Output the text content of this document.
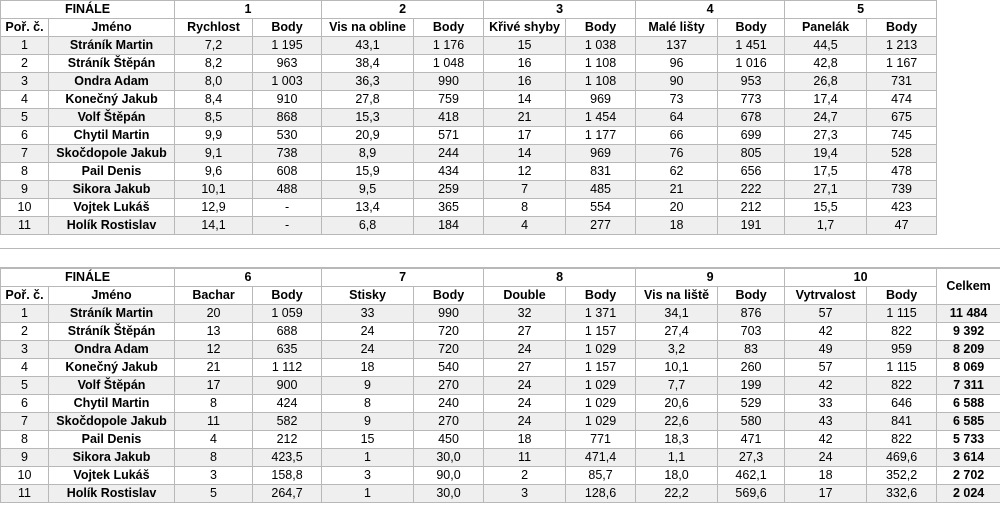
FINÁLE		1		2		3		4		5		
Poř. č.	Jméno	Rychlost	Body	Vis na obline	Body	Křivé shyby	Body	Malé lišty	Body	Panelák	Body	
1	Stráník Martin	7,2	1 195	43,1	1 176	15	1 038	137	1 451	44,5	1 213	
2	Stráník Štěpán	8,2	963	38,4	1 048	16	1 108	96	1 016	42,8	1 167	
3	Ondra Adam	8,0	1 003	36,3	990	16	1 108	90	953	26,8	731	
4	Konečný Jakub	8,4	910	27,8	759	14	969	73	773	17,4	474	
5	Volf Štěpán	8,5	868	15,3	418	21	1 454	64	678	24,7	675	
6	Chytil Martin	9,9	530	20,9	571	17	1 177	66	699	27,3	745	
7	Skočdopole Jakub	9,1	738	8,9	244	14	969	76	805	19,4	528	
8	Pail Denis	9,6	608	15,9	434	12	831	62	656	17,5	478	
9	Sikora Jakub	10,1	488	9,5	259	7	485	21	222	27,1	739	
10	Vojtek Lukáš	12,9	-	13,4	365	8	554	20	212	15,5	423	
11	Holík Rostislav	14,1	-	6,8	184	4	277	18	191	1,7	47	
FINÁLE		6		7		8		9		10		Celkem
Poř. č.	Jméno	Bachar	Body	Stisky	Body	Double	Body	Vis na liště	Body	Vytrvalost	Body	
1	Stráník Martin	20	1 059	33	990	32	1 371	34,1	876	57	1 115	11 484
2	Stráník Štěpán	13	688	24	720	27	1 157	27,4	703	42	822	9 392
3	Ondra Adam	12	635	24	720	24	1 029	3,2	83	49	959	8 209
4	Konečný Jakub	21	1 112	18	540	27	1 157	10,1	260	57	1 115	8 069
5	Volf Štěpán	17	900	9	270	24	1 029	7,7	199	42	822	7 311
6	Chytil Martin	8	424	8	240	24	1 029	20,6	529	33	646	6 588
7	Skočdopole Jakub	11	582	9	270	24	1 029	22,6	580	43	841	6 585
8	Pail Denis	4	212	15	450	18	771	18,3	471	42	822	5 733
9	Sikora Jakub	8	423,5	1	30,0	11	471,4	1,1	27,3	24	469,6	3 614
10	Vojtek Lukáš	3	158,8	3	90,0	2	85,7	18,0	462,1	18	352,2	2 702
11	Holík Rostislav	5	264,7	1	30,0	3	128,6	22,2	569,6	17	332,6	2 024
